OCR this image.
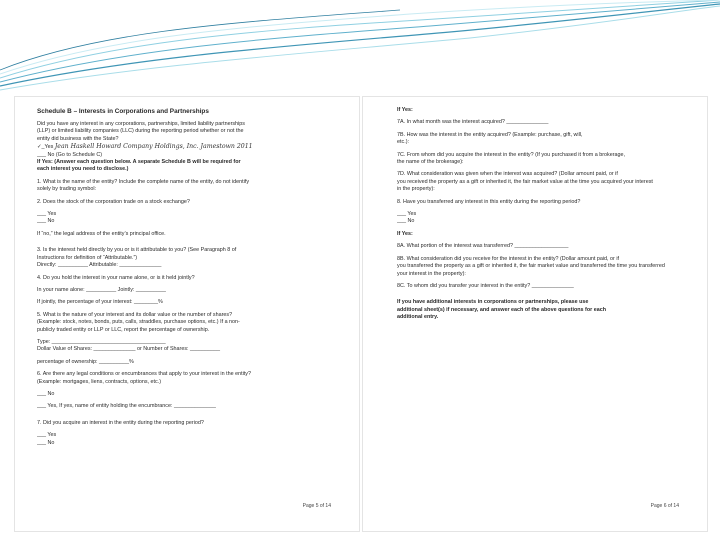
Schedule B – Interests in Corporations and Partnerships
Did you have any interest in any corporations, partnerships, limited liability partnerships
(LLP) or limited liability companies (LLC) during the reporting period whether or not the
entity did business with the State?
✓_Yes Jean Haskell Howard Company Holdings, Inc. Jamestown 2011
___ No (Go to Schedule C)
If Yes: (Answer each question below. A separate Schedule B will be required for
each interest you need to disclose.)
1. What is the name of the entity? Include the complete name of the entity, do not identify
solely by trading symbol:
2. Does the stock of the corporation trade on a stock exchange?
___ Yes
___ No
If “no,” the legal address of the entity’s principal office.
3. Is the interest held directly by you or is it attributable to you? (See Paragraph 8 of
Instructions for definition of “Attributable.”)
Directly: __________ Attributable: ______________
4. Do you hold the interest in your name alone, or is it held jointly?
In your name alone: __________ Jointly: __________
If jointly, the percentage of your interest: ________%
5. What is the nature of your interest and its dollar value or the number of shares?
(Example: stock, notes, bonds, puts, calls, straddles, purchase options, etc.) If a non-
publicly traded entity or LLP or LLC, report the percentage of ownership.
Type: ______________________________________
Dollar Value of Shares: ______________ or Number of Shares: __________
percentage of ownership: __________%
6. Are there any legal conditions or encumbrances that apply to your interest in the entity?
(Example: mortgages, liens, contracts, options, etc.)
___ No
___ Yes, If yes, name of entity holding the encumbrance: ______________
7. Did you acquire an interest in the entity during the reporting period?
___ Yes
___ No
Page 5 of 14
If Yes:
7A. In what month was the interest acquired? ______________
7B. How was the interest in the entity acquired? (Example: purchase, gift, will,
etc.):
7C. From whom did you acquire the interest in the entity? (If you purchased it from a brokerage,
the name of the brokerage):
7D. What consideration was given when the interest was acquired? (Dollar amount paid, or if
you received the property as a gift or inherited it, the fair market value at the time you acquired your interest
in the property):
8. Have you transferred any interest in this entity during the reporting period?
___ Yes
___ No
If Yes:
8A. What portion of the interest was transferred? __________________
8B. What consideration did you receive for the interest in the entity? (Dollar amount paid, or if
you transferred the property as a gift or inherited it, the fair market value and transferred the time you transferred
your interest in the property):
8C. To whom did you transfer your interest in the entity? ______________
If you have additional interests in corporations or partnerships, please use
additional sheet(s) if necessary, and answer each of the above questions for each
additional entry.
Page 6 of 14
